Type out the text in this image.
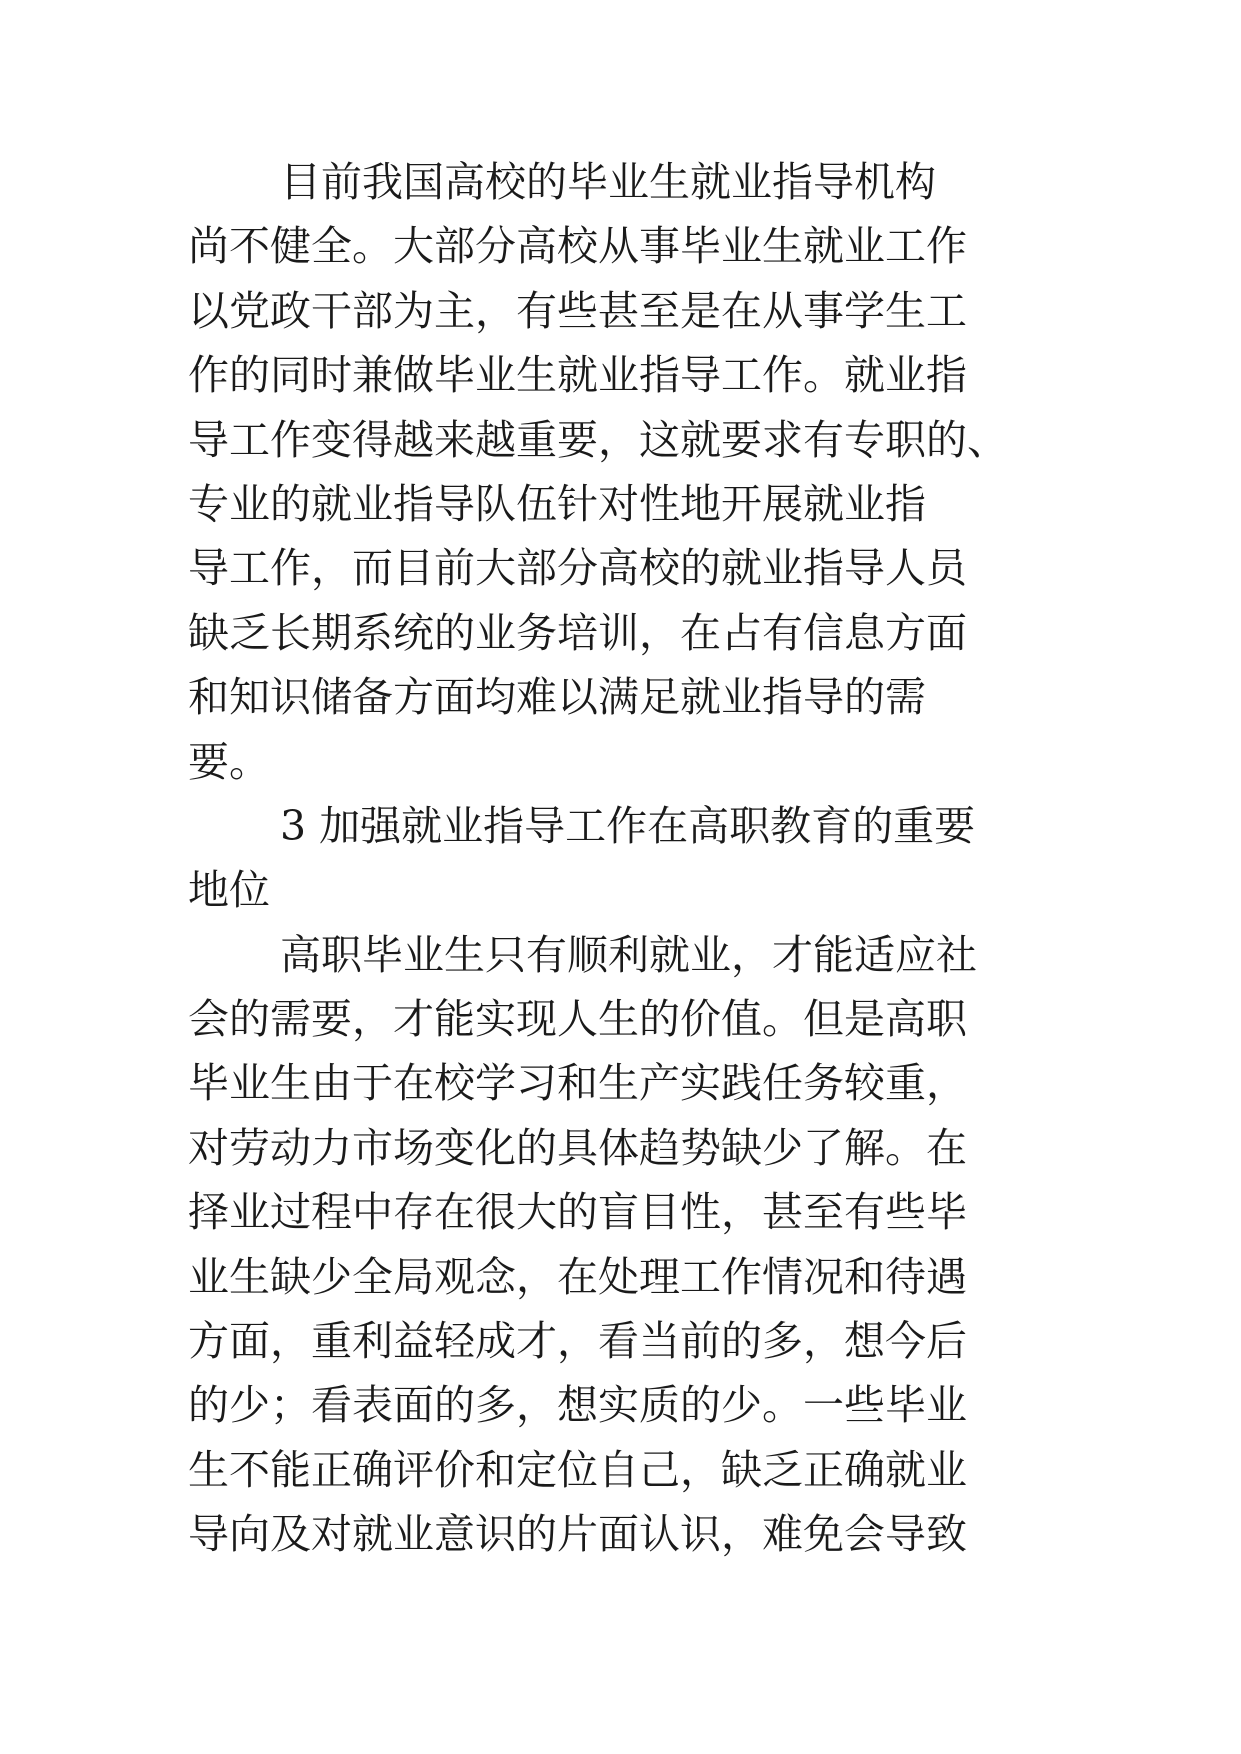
目前我国高校的毕业生就业指导机构
尚不健全。大部分高校从事毕业生就业工作
以党政干部为主，有些甚至是在从事学生工
作的同时兼做毕业生就业指导工作。就业指
导工作变得越来越重要，这就要求有专职的、
专业的就业指导队伍针对性地开展就业指
导工作，而目前大部分高校的就业指导人员
缺乏长期系统的业务培训，在占有信息方面
和知识储备方面均难以满足就业指导的需
要。
3 加强就业指导工作在高职教育的重要
地位
高职毕业生只有顺利就业，才能适应社
会的需要，才能实现人生的价值。但是高职
毕业生由于在校学习和生产实践任务较重，
对劳动力市场变化的具体趋势缺少了解。在
择业过程中存在很大的盲目性，甚至有些毕
业生缺少全局观念，在处理工作情况和待遇
方面，重利益轻成才，看当前的多，想今后
的少；看表面的多，想实质的少。一些毕业
生不能正确评价和定位自己，缺乏正确就业
导向及对就业意识的片面认识，难免会导致
